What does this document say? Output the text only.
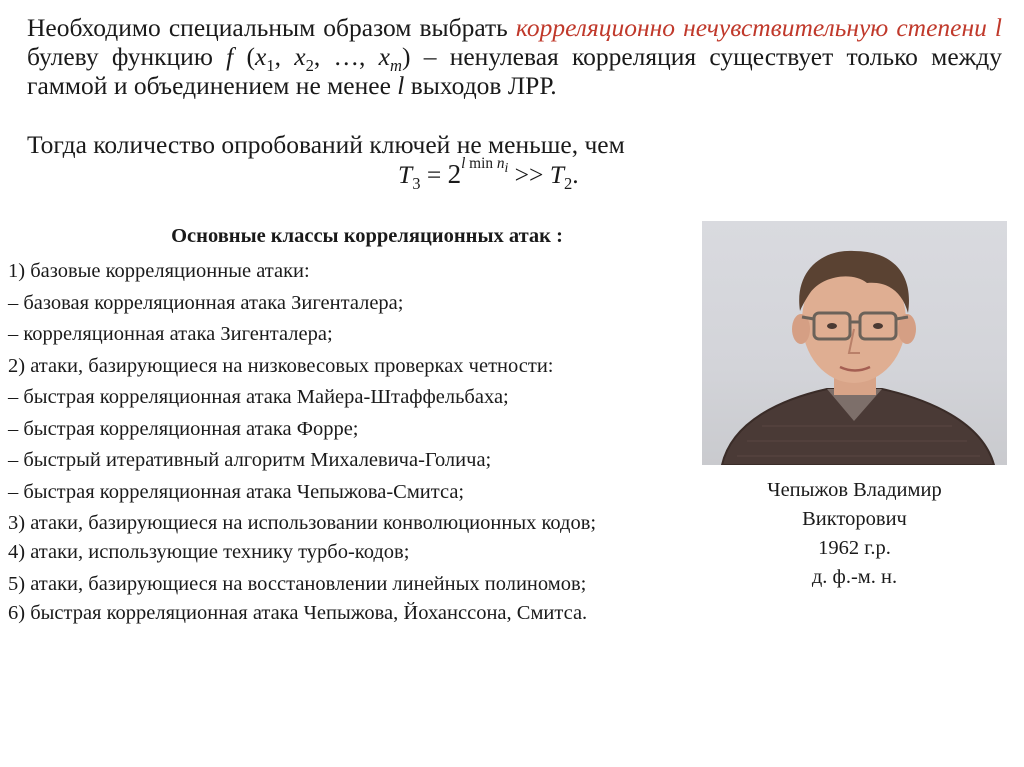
Необходимо специальным образом выбрать корреляционно нечувствительную степени l булеву функцию f ($x_1$, $x_2$, …, $x_m$) – ненулевая корреляция существует только между гаммой и объединением не менее l выходов ЛРР.
Тогда количество опробований ключей не меньше, чем
$T_3 = 2^{l min n_i} >> T_2$.
Основные классы корреляционных атак :
1) базовые корреляционные атаки:
– базовая корреляционная атака Зигенталера;
– корреляционная атака Зигенталера;
2) атаки, базирующиеся на низковесовых проверках четности:
– быстрая корреляционная атака Майера-Штаффельбаха;
– быстрая корреляционная атака Форре;
– быстрый итеративный алгоритм Михалевича-Голича;
– быстрая корреляционная атака Чепыжова-Смитса;
3) атаки, базирующиеся на использовании конволюционных кодов;
4) атаки, использующие технику турбо-кодов;
5) атаки, базирующиеся на восстановлении линейных полиномов;
6) быстрая корреляционная атака Чепыжова, Йохансcона, Смитса.
Чепыжов Владимир
Викторович
1962 г.р.
д. ф.-м. н.
